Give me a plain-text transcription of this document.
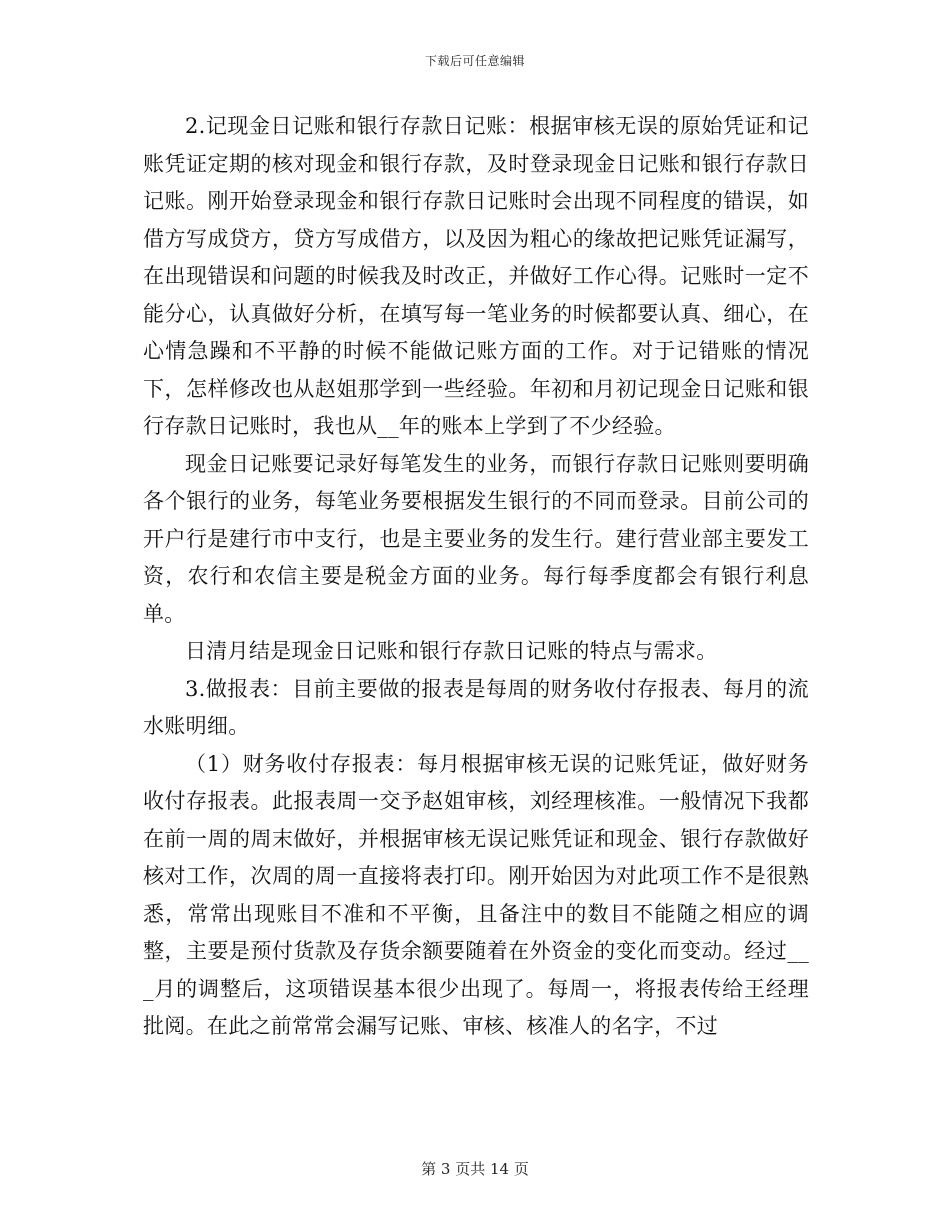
下载后可任意编辑

2.记现金日记账和银行存款日记账：根据审核无误的原始凭证和记账凭证定期的核对现金和银行存款，及时登录现金日记账和银行存款日记账。刚开始登录现金和银行存款日记账时会出现不同程度的错误，如借方写成贷方，贷方写成借方，以及因为粗心的缘故把记账凭证漏写，在出现错误和问题的时候我及时改正，并做好工作心得。记账时一定不能分心，认真做好分析，在填写每一笔业务的时候都要认真、细心，在心情急躁和不平静的时候不能做记账方面的工作。对于记错账的情况下，怎样修改也从赵姐那学到一些经验。年初和月初记现金日记账和银行存款日记账时，我也从__年的账本上学到了不少经验。

现金日记账要记录好每笔发生的业务，而银行存款日记账则要明确各个银行的业务，每笔业务要根据发生银行的不同而登录。目前公司的开户行是建行市中支行，也是主要业务的发生行。建行营业部主要发工资，农行和农信主要是税金方面的业务。每行每季度都会有银行利息单。

日清月结是现金日记账和银行存款日记账的特点与需求。

3.做报表：目前主要做的报表是每周的财务收付存报表、每月的流水账明细。

（1）财务收付存报表：每月根据审核无误的记账凭证，做好财务收付存报表。此报表周一交予赵姐审核，刘经理核准。一般情况下我都在前一周的周末做好，并根据审核无误记账凭证和现金、银行存款做好核对工作，次周的周一直接将表打印。刚开始因为对此项工作不是很熟悉，常常出现账目不准和不平衡，且备注中的数目不能随之相应的调整，主要是预付货款及存货余额要随着在外资金的变化而变动。经过___月的调整后，这项错误基本很少出现了。每周一，将报表传给王经理批阅。在此之前常常会漏写记账、审核、核准人的名字，不过

第 3 页共 14 页
